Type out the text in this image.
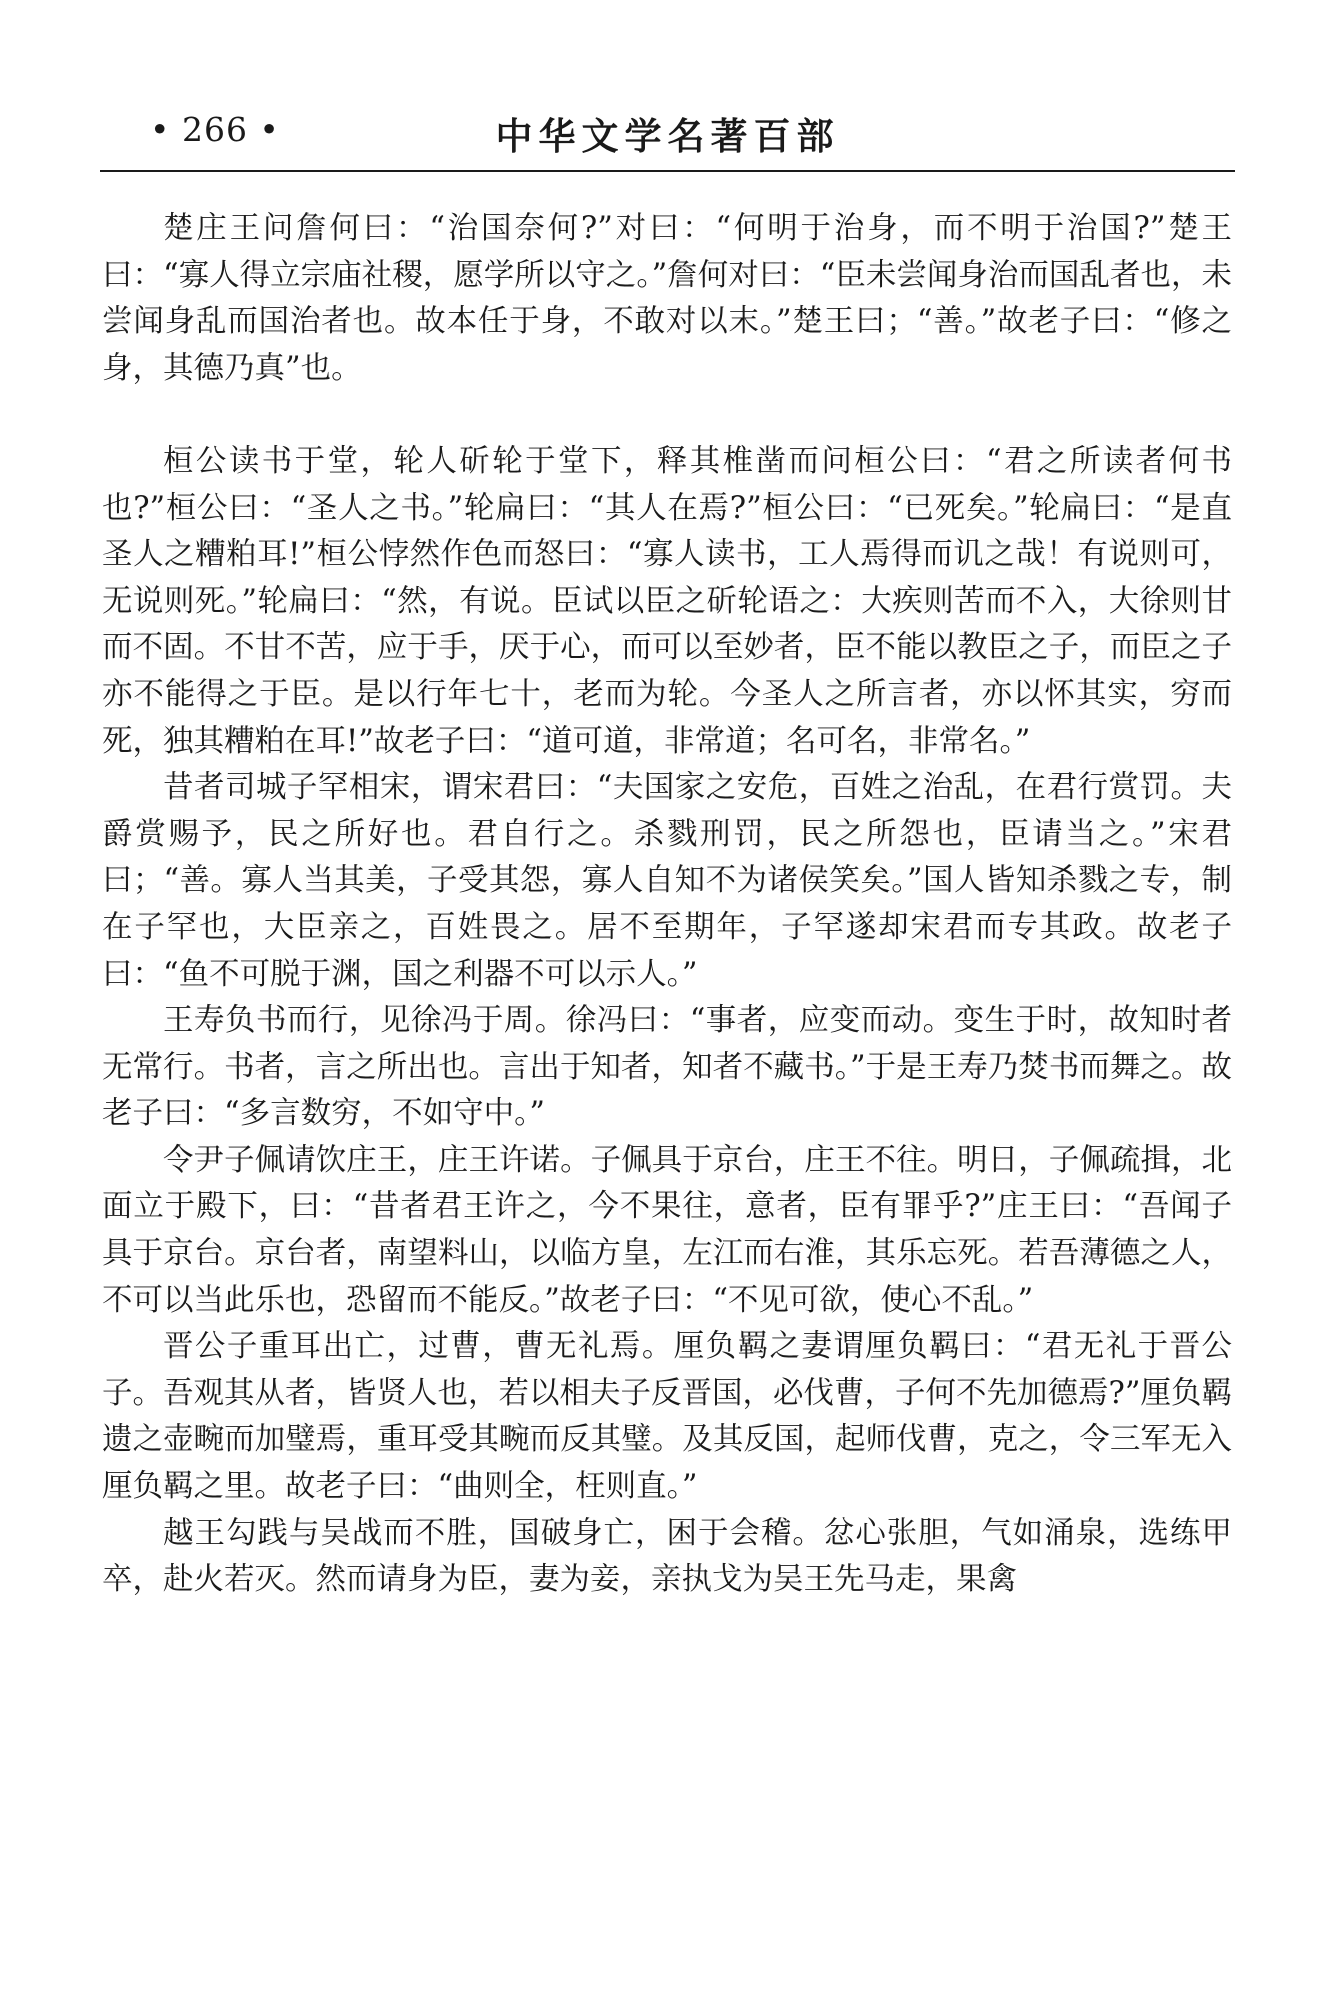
• 266 •	中华文学名著百部

楚庄王问詹何曰：“治国奈何?”对曰：“何明于治身，而不明于治国?”楚王曰：“寡人得立宗庙社稷，愿学所以守之。”詹何对曰：“臣未尝闻身治而国乱者也，未尝闻身乱而国治者也。故本任于身，不敢对以末。”楚王曰；“善。”故老子曰：“修之身，其德乃真”也。

桓公读书于堂，轮人斫轮于堂下，释其椎凿而问桓公曰：“君之所读者何书也?”桓公曰：“圣人之书。”轮扁曰：“其人在焉?”桓公曰：“已死矣。”轮扁曰：“是直圣人之糟粕耳!”桓公悖然作色而怒曰：“寡人读书，工人焉得而讥之哉！有说则可，无说则死。”轮扁曰：“然，有说。臣试以臣之斫轮语之：大疾则苦而不入，大徐则甘而不固。不甘不苦，应于手，厌于心，而可以至妙者，臣不能以教臣之子，而臣之子亦不能得之于臣。是以行年七十，老而为轮。今圣人之所言者，亦以怀其实，穷而死，独其糟粕在耳!”故老子曰：“道可道，非常道；名可名，非常名。”

昔者司城子罕相宋，谓宋君曰：“夫国家之安危，百姓之治乱，在君行赏罚。夫爵赏赐予，民之所好也。君自行之。杀戮刑罚，民之所怨也，臣请当之。”宋君曰；“善。寡人当其美，子受其怨，寡人自知不为诸侯笑矣。”国人皆知杀戮之专，制在子罕也，大臣亲之，百姓畏之。居不至期年，子罕遂却宋君而专其政。故老子曰：“鱼不可脱于渊，国之利器不可以示人。”

王寿负书而行，见徐冯于周。徐冯曰：“事者，应变而动。变生于时，故知时者无常行。书者，言之所出也。言出于知者，知者不藏书。”于是王寿乃焚书而舞之。故老子曰：“多言数穷，不如守中。”

令尹子佩请饮庄王，庄王许诺。子佩具于京台，庄王不往。明日，子佩疏揖，北面立于殿下，曰：“昔者君王许之，今不果往，意者，臣有罪乎?”庄王曰：“吾闻子具于京台。京台者，南望料山，以临方皇，左江而右淮，其乐忘死。若吾薄德之人，不可以当此乐也，恐留而不能反。”故老子曰：“不见可欲，使心不乱。”

晋公子重耳出亡，过曹，曹无礼焉。厘负羁之妻谓厘负羁曰：“君无礼于晋公子。吾观其从者，皆贤人也，若以相夫子反晋国，必伐曹，子何不先加德焉?”厘负羁遗之壶畹而加璧焉，重耳受其畹而反其璧。及其反国，起师伐曹，克之，令三军无入厘负羁之里。故老子曰：“曲则全，枉则直。”

越王勾践与吴战而不胜，国破身亡，困于会稽。忿心张胆，气如涌泉，选练甲卒，赴火若灭。然而请身为臣，妻为妾，亲执戈为吴王先马走，果禽
